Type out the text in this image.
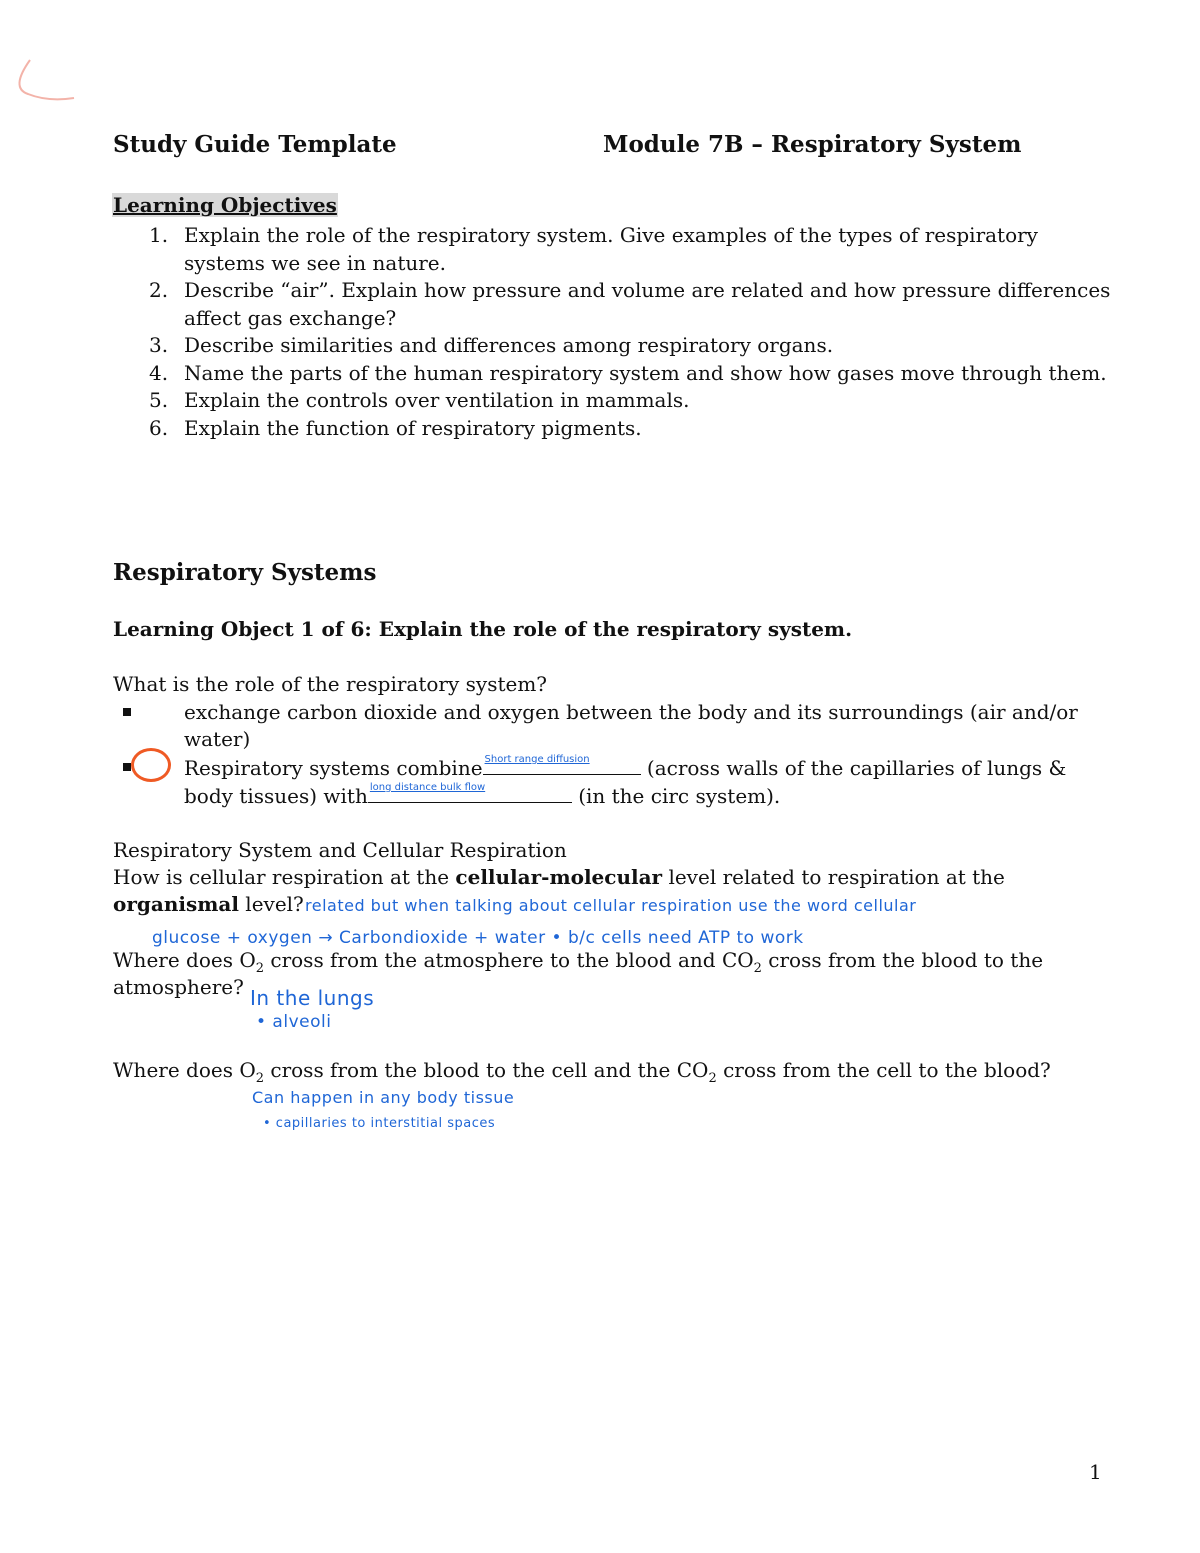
Study Guide Template	Module 7B – Respiratory System
Learning Objectives
1. Explain the role of the respiratory system. Give examples of the types of respiratory systems we see in nature.
2. Describe “air”. Explain how pressure and volume are related and how pressure differences affect gas exchange?
3. Describe similarities and differences among respiratory organs.
4. Name the parts of the human respiratory system and show how gases move through them.
5. Explain the controls over ventilation in mammals.
6. Explain the function of respiratory pigments.
Respiratory Systems
Learning Object 1 of 6: Explain the role of the respiratory system.
What is the role of the respiratory system?
exchange carbon dioxide and oxygen between the body and its surroundings (air and/or water)
Respiratory systems combine Short range diffusion	(across walls of the capillaries of lungs &
body tissues) with long distance bulk flow	(in the circ system).
Respiratory System and Cellular Respiration
How is cellular respiration at the cellular-molecular level related to respiration at the
organismal level? related but when talking about cellular respiration use the word cellular
glucose + oxygen → Carbondioxide + water • b/c cells need ATP to work
Where does $O_2$ cross from the atmosphere to the blood and $CO_2$ cross from the blood to the
atmosphere? In the lungs
• alveoli
Where does $O_2$ cross from the blood to the cell and the $CO_2$ cross from the cell to the blood?
Can happen in any body tissue
• capillaries to interstitial spaces
1
